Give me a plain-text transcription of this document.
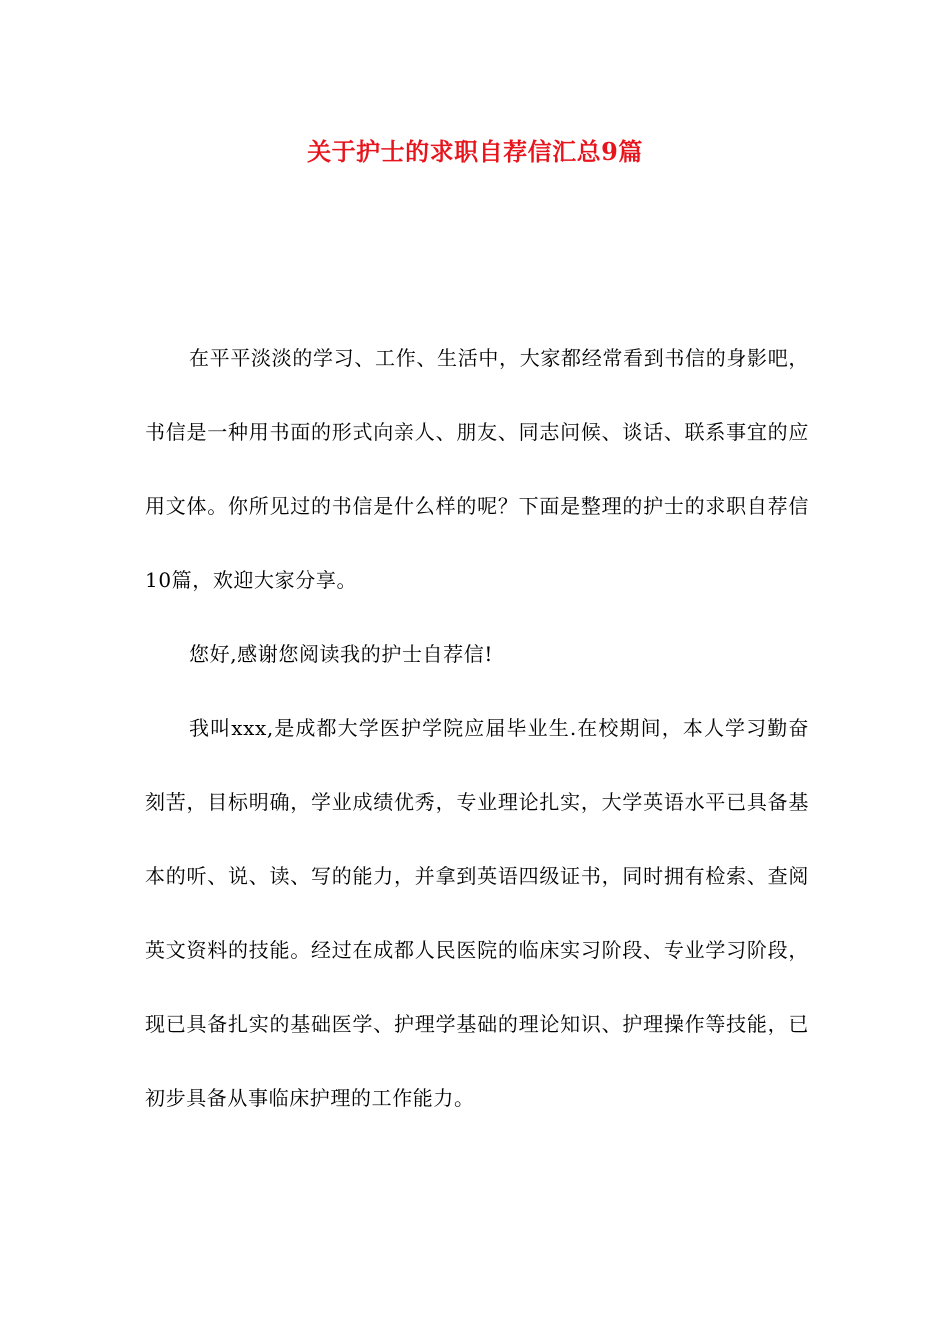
关于护士的求职自荐信汇总9篇

在平平淡淡的学习、工作、生活中，大家都经常看到书信的身影吧，书信是一种用书面的形式向亲人、朋友、同志问候、谈话、联系事宜的应用文体。你所见过的书信是什么样的呢？下面是整理的护士的求职自荐信10篇，欢迎大家分享。

您好,感谢您阅读我的护士自荐信!

我叫xxx,是成都大学医护学院应届毕业生.在校期间，本人学习勤奋刻苦，目标明确，学业成绩优秀，专业理论扎实，大学英语水平已具备基本的听、说、读、写的能力，并拿到英语四级证书，同时拥有检索、查阅英文资料的技能。经过在成都人民医院的临床实习阶段、专业学习阶段，现已具备扎实的基础医学、护理学基础的理论知识、护理操作等技能，已初步具备从事临床护理的工作能力。
